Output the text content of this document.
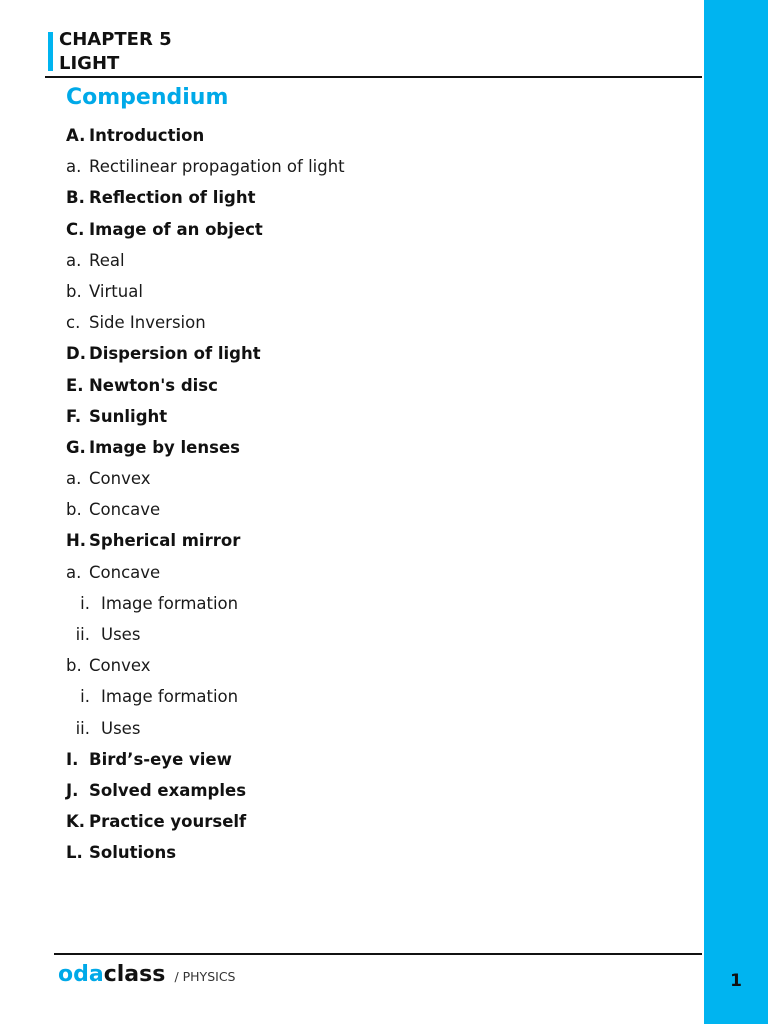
1
CHAPTER 5
LIGHT
Compendium
A. Introduction
a. Rectilinear propagation of light
B. Reflection of light
C. Image of an object
a. Real
b. Virtual
c. Side Inversion
D. Dispersion of light
E. Newton's disc
F. Sunlight
G. Image by lenses
a. Convex
b. Concave
H. Spherical mirror
a. Concave
i. Image formation
ii. Uses
b. Convex
i. Image formation
ii. Uses
I. Bird’s-eye view
J. Solved examples
K. Practice yourself
L. Solutions
odaclass / PHYSICS
